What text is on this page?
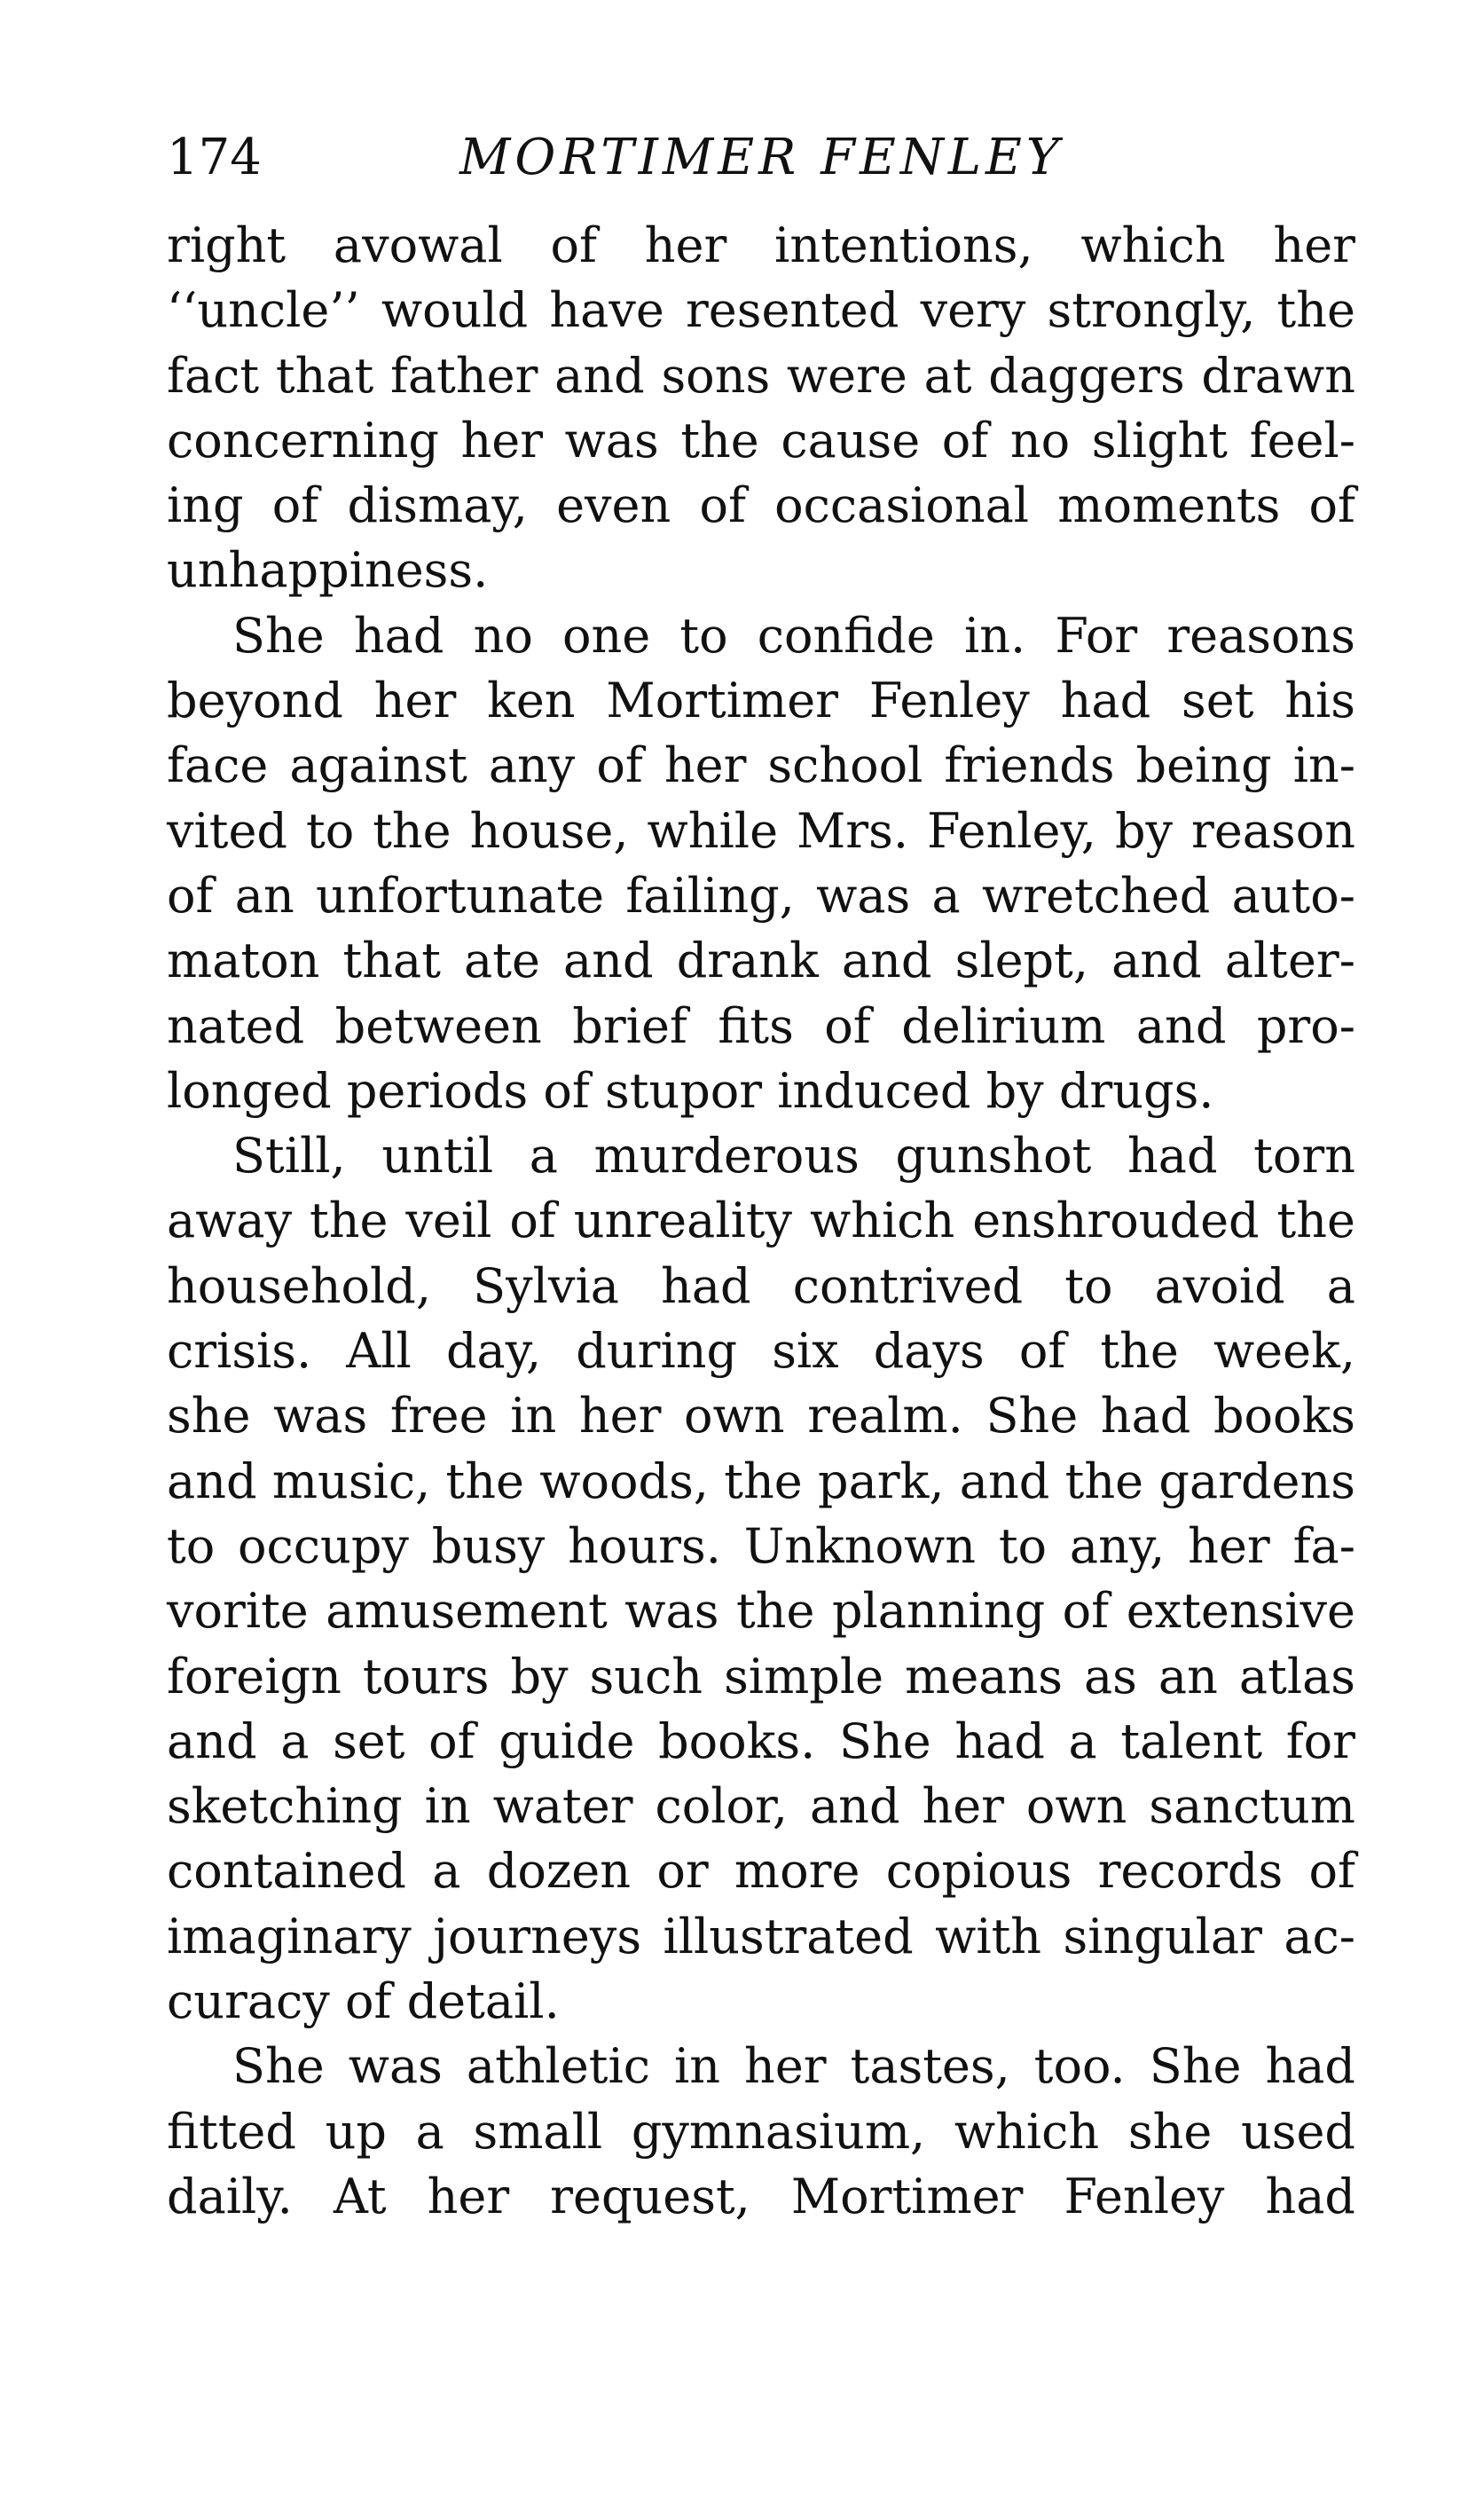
174	MORTIMER FENLEY
right avowal of her intentions, which her
‘‘uncle’’ would have resented very strongly, the
fact that father and sons were at daggers drawn
concerning her was the cause of no slight feel-
ing of dismay, even of occasional moments of
unhappiness.
She had no one to confide in. For reasons
beyond her ken Mortimer Fenley had set his
face against any of her school friends being in-
vited to the house, while Mrs. Fenley, by reason
of an unfortunate failing, was a wretched auto-
maton that ate and drank and slept, and alter-
nated between brief fits of delirium and pro-
longed periods of stupor induced by drugs.
Still, until a murderous gunshot had torn
away the veil of unreality which enshrouded the
household, Sylvia had contrived to avoid a
crisis. All day, during six days of the week,
she was free in her own realm. She had books
and music, the woods, the park, and the gardens
to occupy busy hours. Unknown to any, her fa-
vorite amusement was the planning of extensive
foreign tours by such simple means as an atlas
and a set of guide books. She had a talent for
sketching in water color, and her own sanctum
contained a dozen or more copious records of
imaginary journeys illustrated with singular ac-
curacy of detail.
She was athletic in her tastes, too. She had
fitted up a small gymnasium, which she used
daily. At her request, Mortimer Fenley had
